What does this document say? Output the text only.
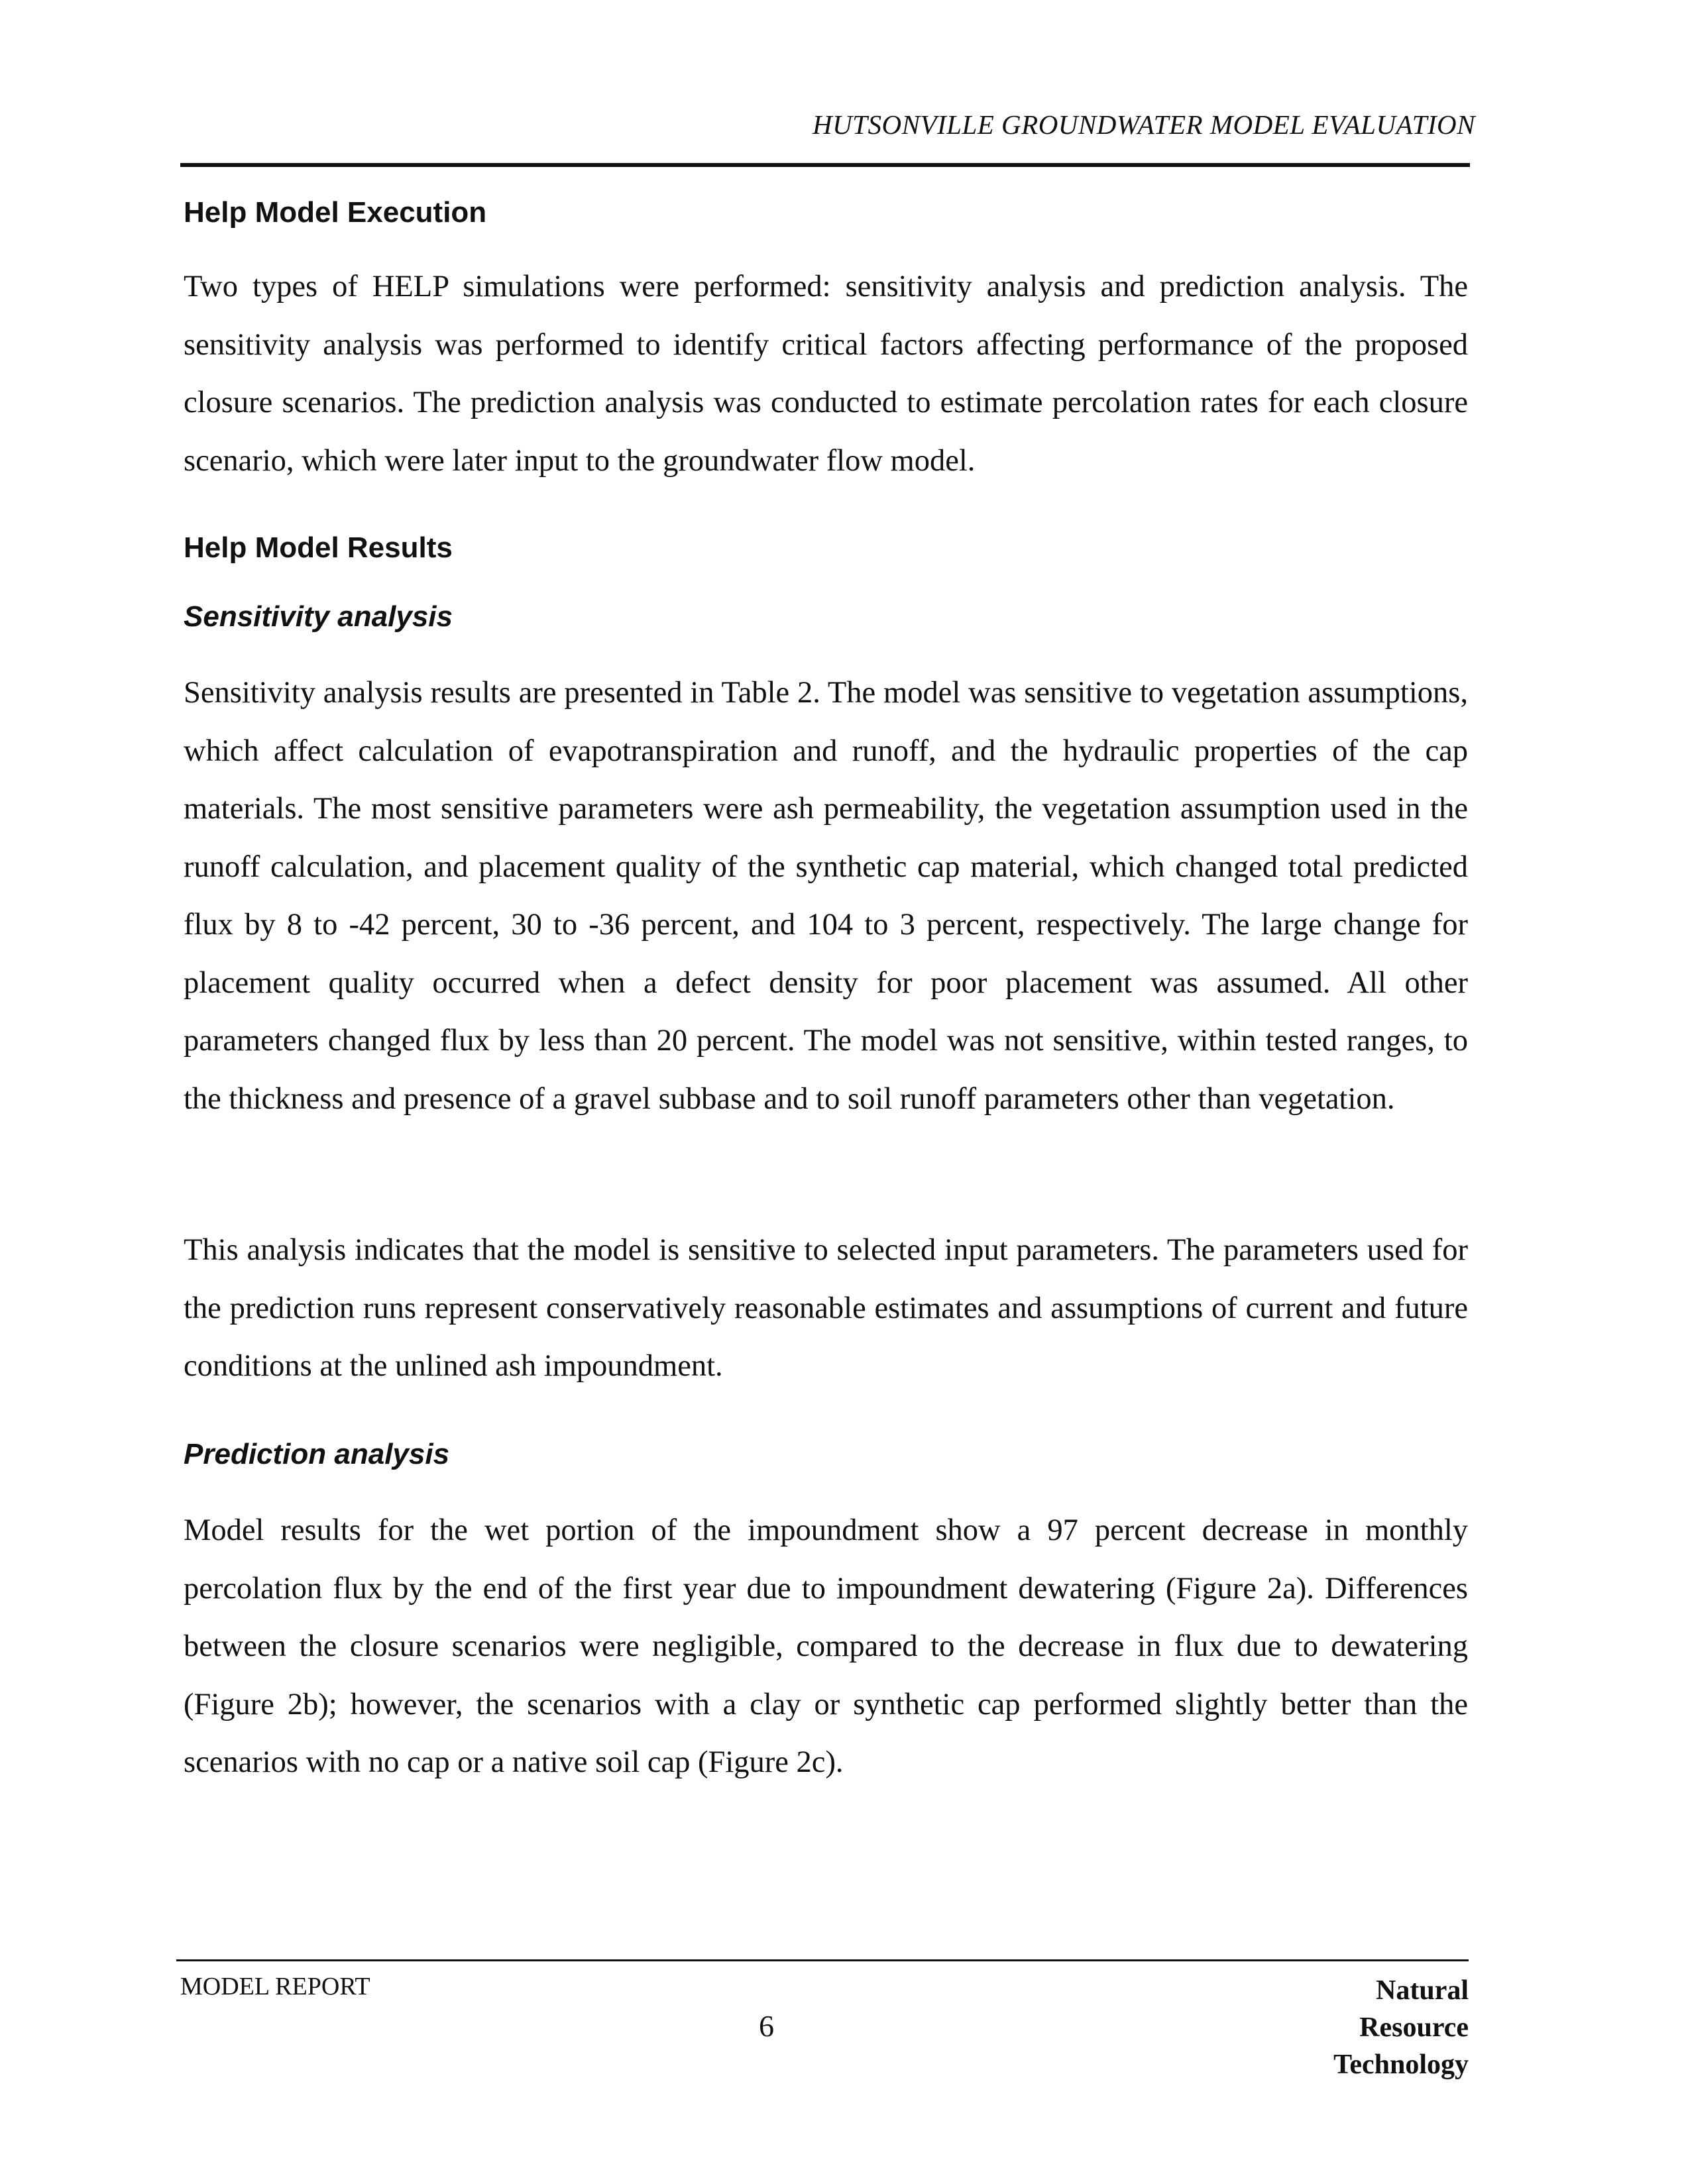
HUTSONVILLE GROUNDWATER MODEL EVALUATION
Help Model Execution

Two types of HELP simulations were performed: sensitivity analysis and prediction analysis. The sensitivity analysis was performed to identify critical factors affecting performance of the proposed closure scenarios. The prediction analysis was conducted to estimate percolation rates for each closure scenario, which were later input to the groundwater flow model.

Help Model Results
Sensitivity analysis

Sensitivity analysis results are presented in Table 2. The model was sensitive to vegetation assumptions, which affect calculation of evapotranspiration and runoff, and the hydraulic properties of the cap materials. The most sensitive parameters were ash permeability, the vegetation assumption used in the runoff calculation, and placement quality of the synthetic cap material, which changed total predicted flux by 8 to -42 percent, 30 to -36 percent, and 104 to 3 percent, respectively. The large change for placement quality occurred when a defect density for poor placement was assumed. All other parameters changed flux by less than 20 percent. The model was not sensitive, within tested ranges, to the thickness and presence of a gravel subbase and to soil runoff parameters other than vegetation.

This analysis indicates that the model is sensitive to selected input parameters. The parameters used for the prediction runs represent conservatively reasonable estimates and assumptions of current and future conditions at the unlined ash impoundment.

Prediction analysis

Model results for the wet portion of the impoundment show a 97 percent decrease in monthly percolation flux by the end of the first year due to impoundment dewatering (Figure 2a). Differences between the closure scenarios were negligible, compared to the decrease in flux due to dewatering (Figure 2b); however, the scenarios with a clay or synthetic cap performed slightly better than the scenarios with no cap or a native soil cap (Figure 2c).

MODEL REPORT
6
Natural
Resource
Technology
